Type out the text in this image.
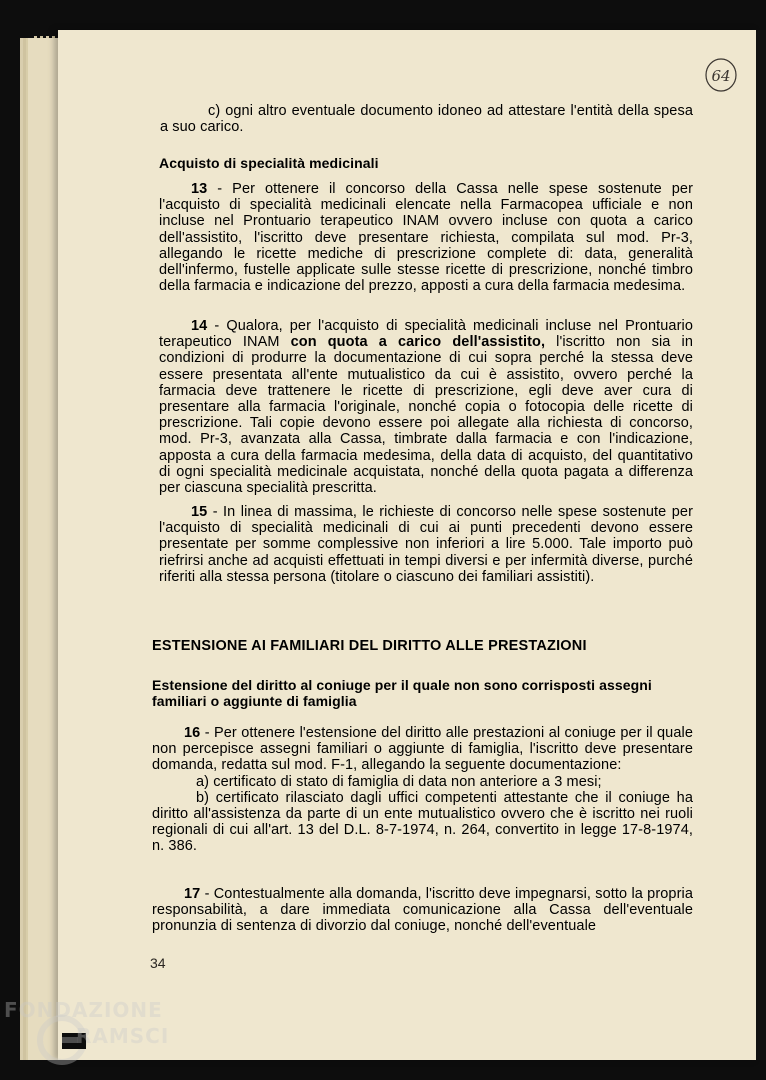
64

c) ogni altro eventuale documento idoneo ad attestare l'entità della spesa a suo carico.

Acquisto di specialità medicinali

13 - Per ottenere il concorso della Cassa nelle spese sostenute per l'acquisto di specialità medicinali elencate nella Farmacopea ufficiale e non incluse nel Prontuario terapeutico INAM ovvero incluse con quota a carico dell'assistito, l'iscritto deve presentare richiesta, compilata sul mod. Pr-3, allegando le ricette mediche di prescrizione complete di: data, generalità dell'infermo, fustelle applicate sulle stesse ricette di prescrizione, nonché timbro della farmacia e indicazione del prezzo, apposti a cura della farmacia medesima.

14 - Qualora, per l'acquisto di specialità medicinali incluse nel Prontuario terapeutico INAM con quota a carico dell'assistito, l'iscritto non sia in condizioni di produrre la documentazione di cui sopra perché la stessa deve essere presentata all'ente mutualistico da cui è assistito, ovvero perché la farmacia deve trattenere le ricette di prescrizione, egli deve aver cura di presentare alla farmacia l'originale, nonché copia o fotocopia delle ricette di prescrizione. Tali copie devono essere poi allegate alla richiesta di concorso, mod. Pr-3, avanzata alla Cassa, timbrate dalla farmacia e con l'indicazione, apposta a cura della farmacia medesima, della data di acquisto, del quantitativo di ogni specialità medicinale acquistata, nonché della quota pagata a differenza per ciascuna specialità prescritta.

15 - In linea di massima, le richieste di concorso nelle spese sostenute per l'acquisto di specialità medicinali di cui ai punti precedenti devono essere presentate per somme complessive non inferiori a lire 5.000. Tale importo può riefrirsi anche ad acquisti effettuati in tempi diversi e per infermità diverse, purché riferiti alla stessa persona (titolare o ciascuno dei familiari assistiti).

ESTENSIONE AI FAMILIARI DEL DIRITTO ALLE PRESTAZIONI

Estensione del diritto al coniuge per il quale non sono corrisposti assegni familiari o aggiunte di famiglia

16 - Per ottenere l'estensione del diritto alle prestazioni al coniuge per il quale non percepisce assegni familiari o aggiunte di famiglia, l'iscritto deve presentare domanda, redatta sul mod. F-1, allegando la seguente documentazione:

a) certificato di stato di famiglia di data non anteriore a 3 mesi;

b) certificato rilasciato dagli uffici competenti attestante che il coniuge ha diritto all'assistenza da parte di un ente mutualistico ovvero che è iscritto nei ruoli regionali di cui all'art. 13 del D.L. 8-7-1974, n. 264, convertito in legge 17-8-1974, n. 386.

17 - Contestualmente alla domanda, l'iscritto deve impegnarsi, sotto la propria responsabilità, a dare immediata comunicazione alla Cassa dell'eventuale pronunzia di sentenza di divorzio dal coniuge, nonché dell'eventuale

34
FONDAZIONE
RAMSCI
